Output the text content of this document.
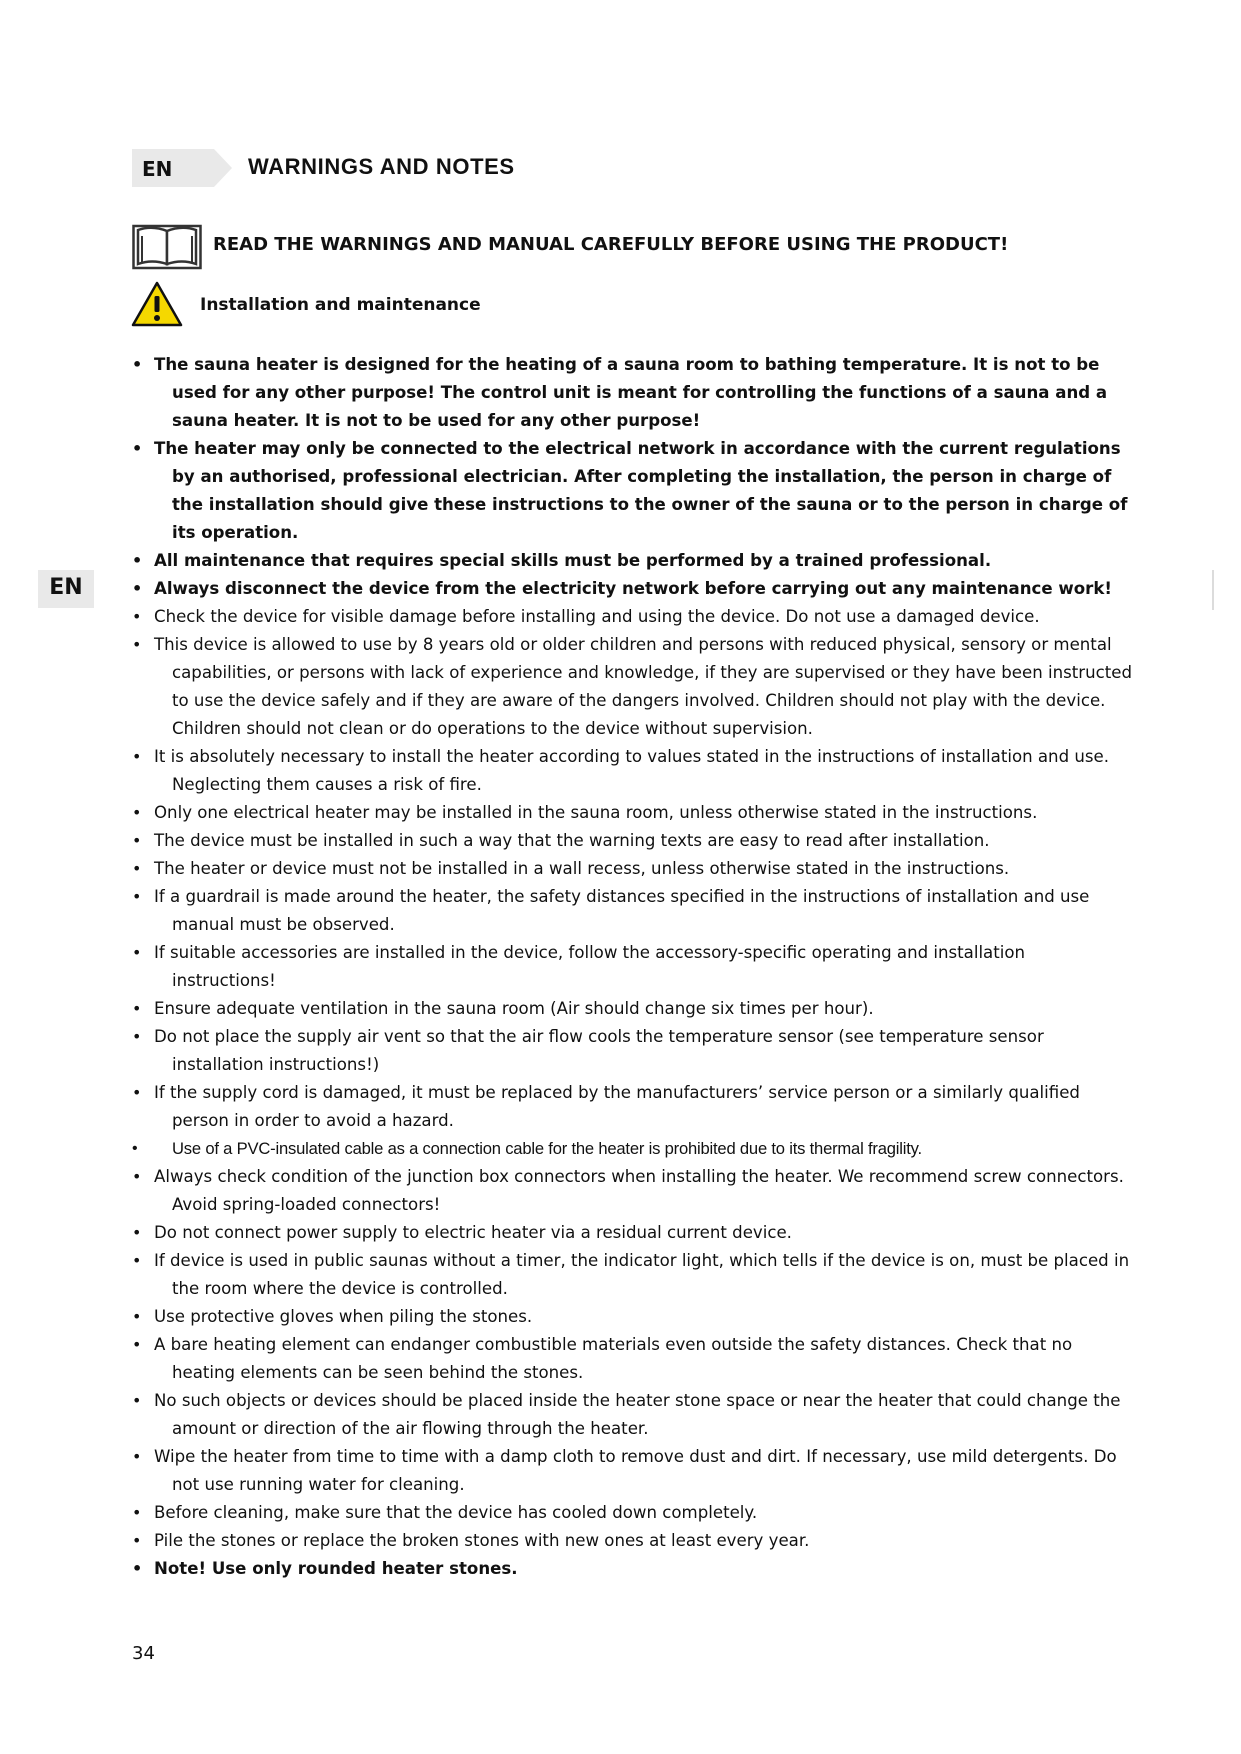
EN	WARNINGS AND NOTES
EN
READ THE WARNINGS AND MANUAL CAREFULLY BEFORE USING THE PRODUCT!
Installation and maintenance
• The sauna heater is designed for the heating of a sauna room to bathing temperature. It is not to be used for any other purpose! The control unit is meant for controlling the functions of a sauna and a sauna heater. It is not to be used for any other purpose!
• The heater may only be connected to the electrical network in accordance with the current regulations by an authorised, professional electrician. After completing the installation, the person in charge of the installation should give these instructions to the owner of the sauna or to the person in charge of its operation.
• All maintenance that requires special skills must be performed by a trained professional.
• Always disconnect the device from the electricity network before carrying out any maintenance work!
• Check the device for visible damage before installing and using the device. Do not use a damaged device.
• This device is allowed to use by 8 years old or older children and persons with reduced physical, sensory or mental capabilities, or persons with lack of experience and knowledge, if they are supervised or they have been instructed to use the device safely and if they are aware of the dangers involved. Children should not play with the device. Children should not clean or do operations to the device without supervision.
• It is absolutely necessary to install the heater according to values stated in the instructions of installation and use. Neglecting them causes a risk of fire.
• Only one electrical heater may be installed in the sauna room, unless otherwise stated in the instructions.
• The device must be installed in such a way that the warning texts are easy to read after installation.
• The heater or device must not be installed in a wall recess, unless otherwise stated in the instructions.
• If a guardrail is made around the heater, the safety distances specified in the instructions of installation and use manual must be observed.
• If suitable accessories are installed in the device, follow the accessory-specific operating and installation instructions!
• Ensure adequate ventilation in the sauna room (Air should change six times per hour).
• Do not place the supply air vent so that the air flow cools the temperature sensor (see temperature sensor installation instructions!)
• If the supply cord is damaged, it must be replaced by the manufacturers’ service person or a similarly qualified person in order to avoid a hazard.
• Use of a PVC-insulated cable as a connection cable for the heater is prohibited due to its thermal fragility.
• Always check condition of the junction box connectors when installing the heater. We recommend screw connectors. Avoid spring-loaded connectors!
• Do not connect power supply to electric heater via a residual current device.
• If device is used in public saunas without a timer, the indicator light, which tells if the device is on, must be placed in the room where the device is controlled.
• Use protective gloves when piling the stones.
• A bare heating element can endanger combustible materials even outside the safety distances. Check that no heating elements can be seen behind the stones.
• No such objects or devices should be placed inside the heater stone space or near the heater that could change the amount or direction of the air flowing through the heater.
• Wipe the heater from time to time with a damp cloth to remove dust and dirt. If necessary, use mild detergents. Do not use running water for cleaning.
• Before cleaning, make sure that the device has cooled down completely.
• Pile the stones or replace the broken stones with new ones at least every year.
• Note! Use only rounded heater stones.
34
